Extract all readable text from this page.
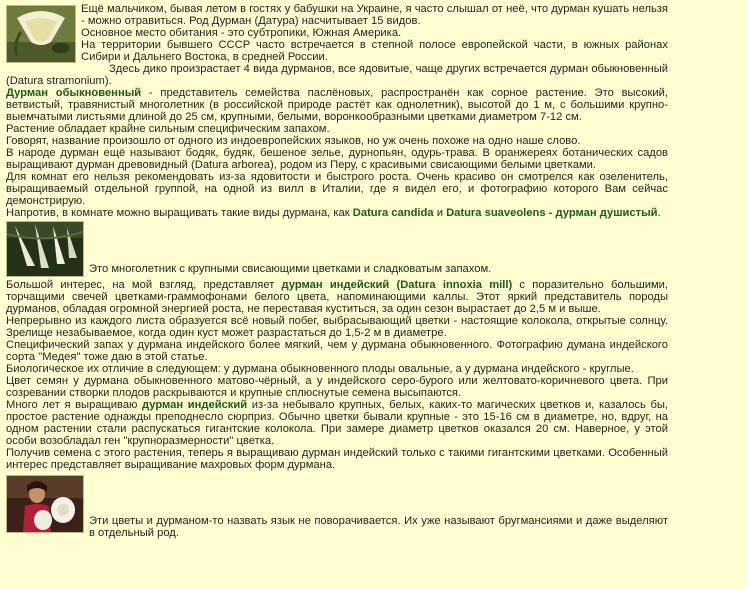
Ещё мальчиком, бывая летом в гостях у бабушки на Украине, я часто слышал от неё, что дурман кушать нельзя - можно отравиться. Род Дурман (Датура) насчитывает 15 видов.

Основное место обитания - это субтропики, Южная Америка.

На территории бывшего СССР часто встречается в степной полосе европейской части, в южных районах Сибири и Дальнего Востока, в средней России.

Здесь дико произрастает 4 вида дурманов, все ядовитые, чаще других встречается дурман обыкновенный (Datura stramonium).

Дурман обыкновенный - представитель семейства паслёновых, распространён как сорное растение. Это высокий, ветвистый, травянистый многолетник (в российской природе растёт как однолетник), высотой до 1 м, с большими крупно-выемчатыми листьями длиной до 25 см, крупными, белыми, воронкообразными цветками диаметром 7-12 см.

Растение обладает крайне сильным специфическим запахом.

Говорят, название произошло от одного из индоевропейских языков, но уж очень похоже на одно наше слово.

В народе дурман ещё называют бодяк, будяк, бешеное зелье, дурнопьян, одурь-трава. В оранжереях ботанических садов выращивают дурман древовидный (Datura arborea), родом из Перу, с красивыми свисающими белыми цветками.

Для комнат его нельзя рекомендовать из-за ядовитости и быстрого роста. Очень красиво он смотрелся как озеленитель, выращиваемый отдельной группой, на одной из вилл в Италии, где я видел его, и фотографию которого Вам сейчас демонстрирую.

Напротив, в комнате можно выращивать такие виды дурмана, как Datura candida и Datura suaveolens - дурман душистый.

Это многолетник с крупными свисающими цветками и сладковатым запахом.

Большой интерес, на мой взгляд, представляет дурман индейский (Datura innoxia mill) с поразительно большими, торчащими свечей цветками-граммофонами белого цвета, напоминающими каллы. Этот яркий представитель породы дурманов, обладая огромной энергией роста, не переставая куститься, за один сезон вырастает до 2,5 м и выше.

Непрерывно из каждого листа образуется всё новый побег, выбрасывающий цветки - настоящие колокола, открытые солнцу. Зрелище незабываемое, когда один куст может разрастаться до 1,5-2 м в диаметре.

Специфический запах у дурмана индейского более мягкий, чем у дурмана обыкновенного. Фотографию думана индейского сорта "Медея" тоже даю в этой статье.

Биологическое их отличие в следующем: у дурмана обыкновенного плоды овальные, а у дурмана индейского - круглые.

Цвет семян у дурмана обыкновенного матово-чёрный, а у индейского серо-бурого или желтовато-коричневого цвета. При созревании створки плодов раскрываются и крупные сплюснутые семена высыпаются.

Много лет я выращиваю дурман индейский из-за небывало крупных, белых, каких-то магических цветков и, казалось бы, простое растение однажды преподнесло сюрприз. Обычно цветки бывали крупные - это 15-16 см в диаметре, но, вдруг, на одном растении стали распускаться гигантские колокола. При замере диаметр цветков оказался 20 см. Наверное, у этой особи возобладал ген "крупноразмерности" цветка.

Получив семена с этого растения, теперь я выращиваю дурман индейский только с такими гигантскими цветками. Особенный интерес представляет выращивание махровых форм дурмана.

Эти цветы и дурманом-то назвать язык не поворачивается. Их уже называют бругмансиями и даже выделяют в отдельный род.
